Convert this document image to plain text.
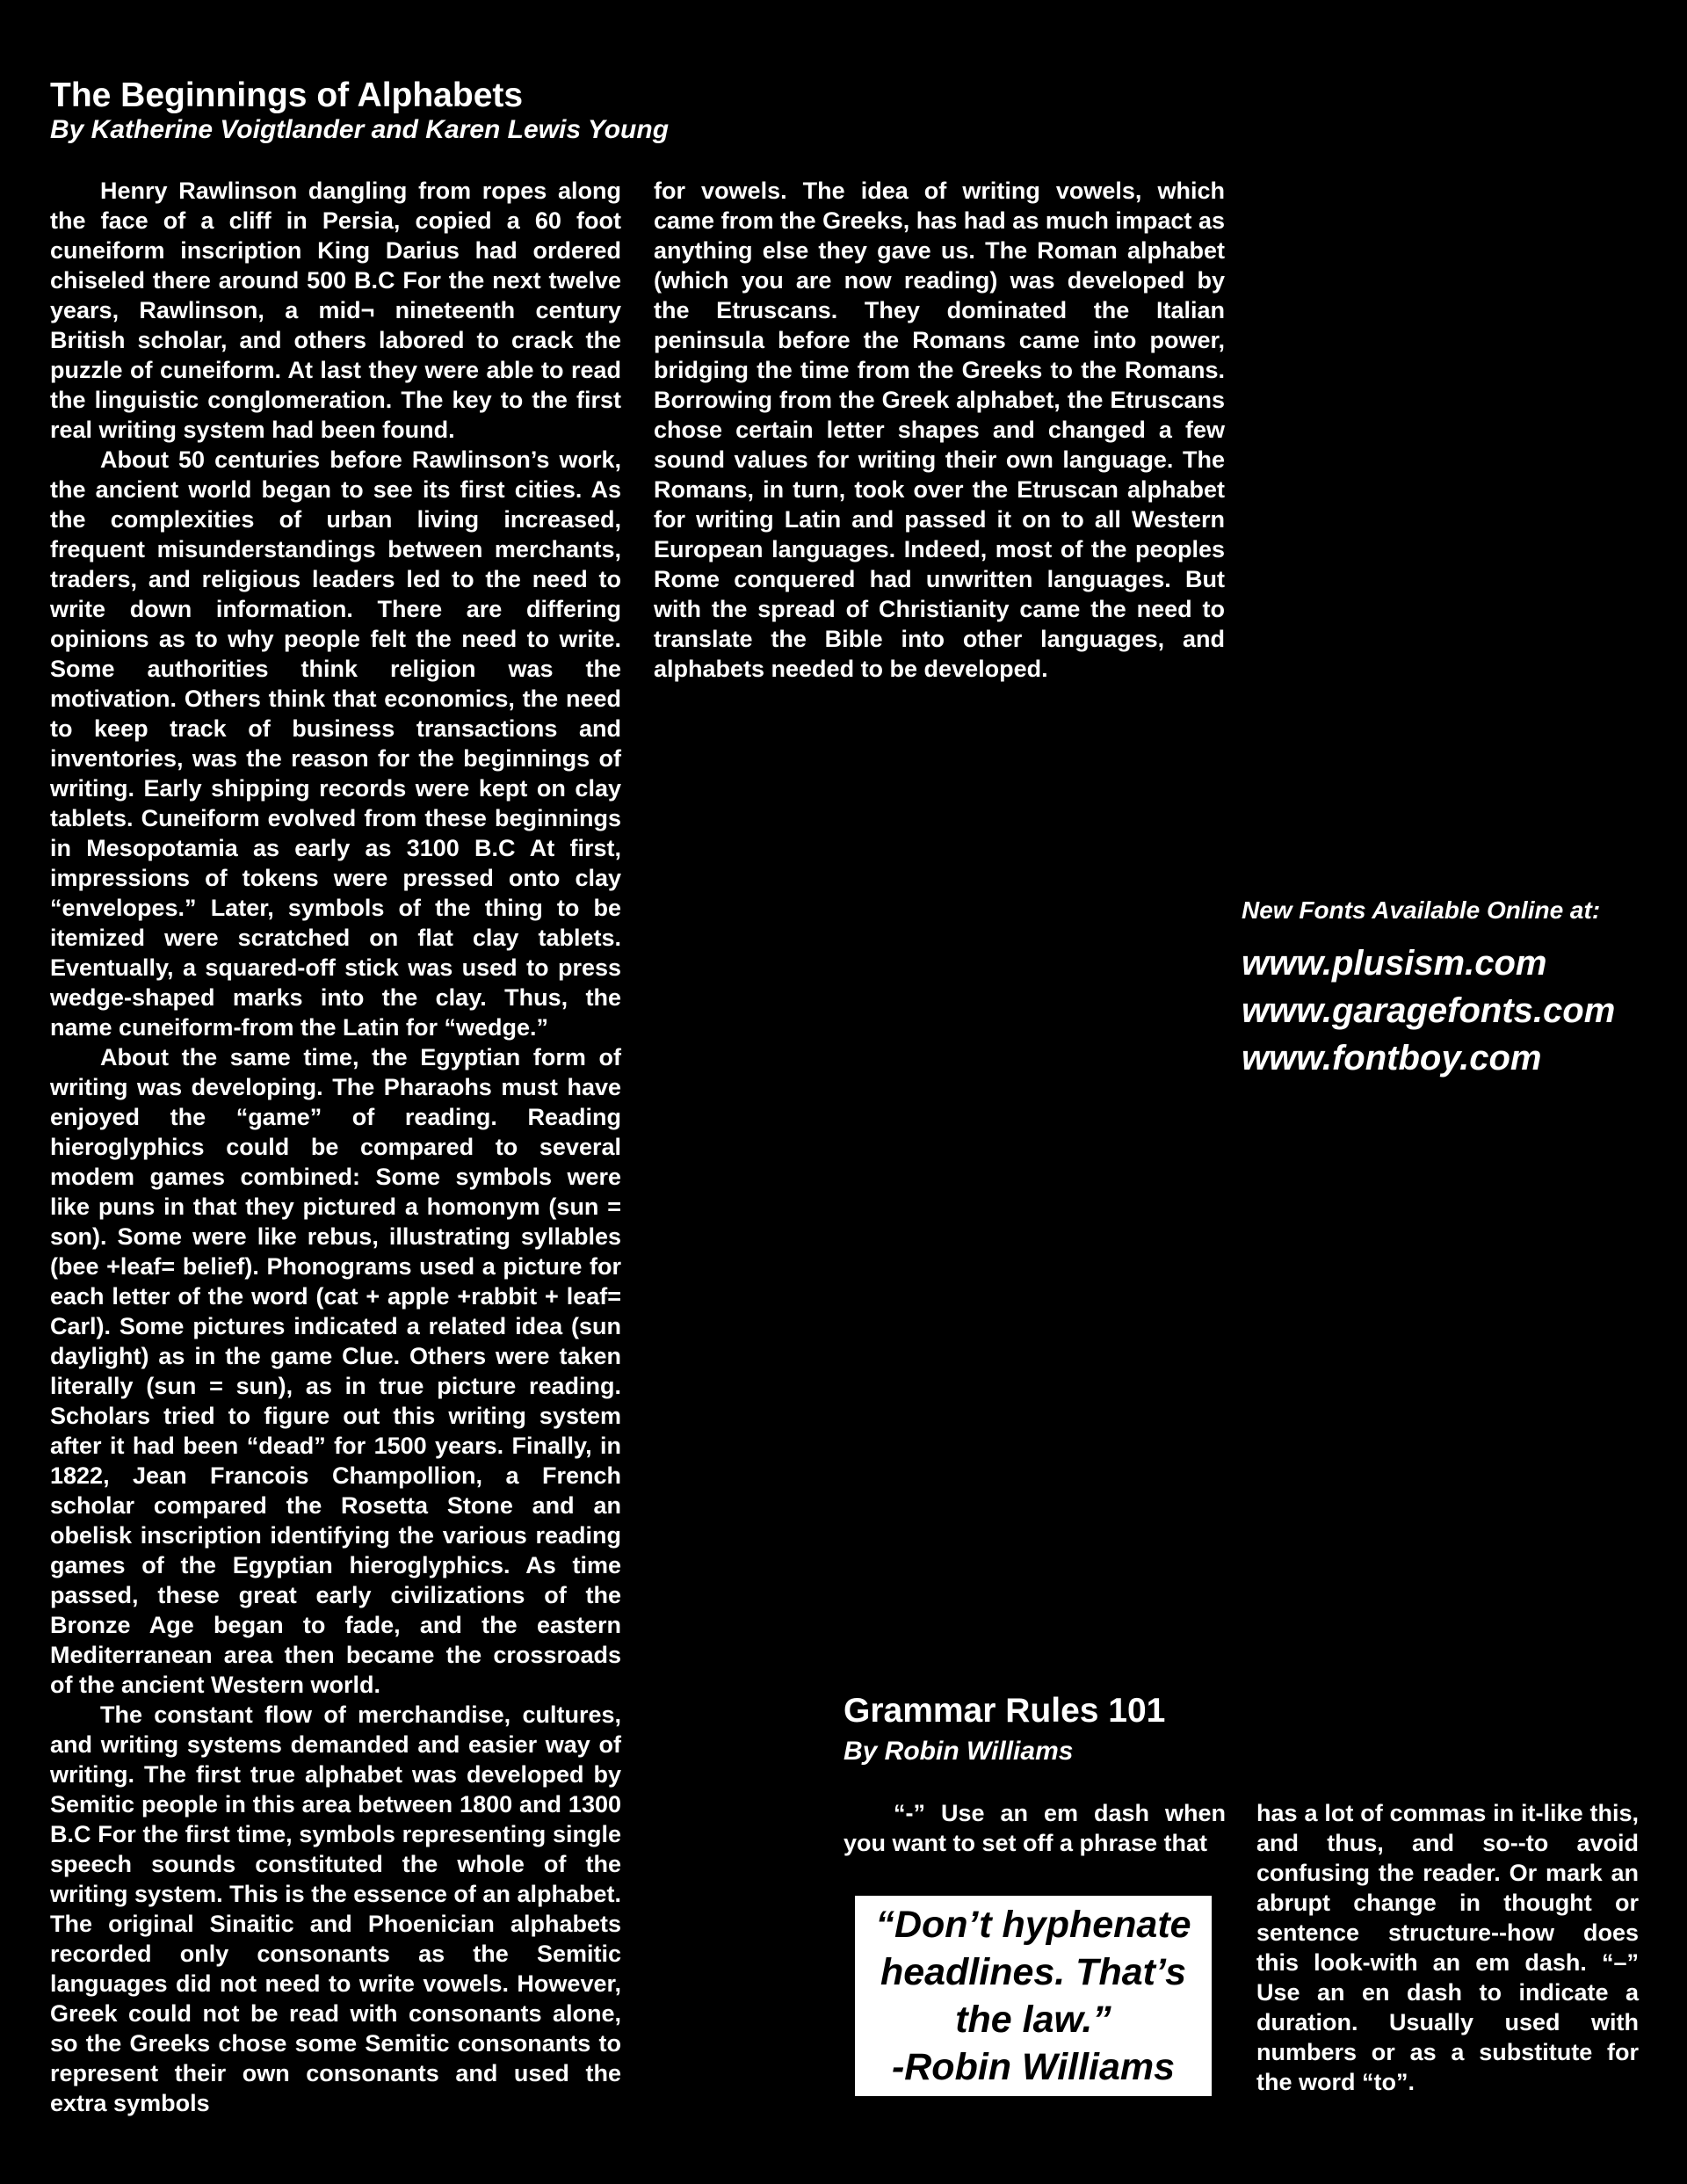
The Beginnings of Alphabets
By Katherine Voigtlander and Karen Lewis Young

Henry Rawlinson dangling from ropes along the face of a cliff in Persia, copied a 60 foot cuneiform inscription King Darius had ordered chiseled there around 500 B.C For the next twelve years, Rawlinson, a mid¬ nineteenth century British scholar, and others labored to crack the puzzle of cuneiform. At last they were able to read the linguistic conglomeration. The key to the first real writing system had been found.

About 50 centuries before Rawlinson’s work, the ancient world began to see its first cities. As the complexities of urban living increased, frequent misunderstandings between merchants, traders, and religious leaders led to the need to write down information. There are differing opinions as to why people felt the need to write. Some authorities think religion was the motivation. Others think that economics, the need to keep track of business transactions and inventories, was the reason for the beginnings of writing. Early shipping records were kept on clay tablets. Cuneiform evolved from these beginnings in Mesopotamia as early as 3100 B.C At first, impressions of tokens were pressed onto clay “envelopes.” Later, symbols of the thing to be itemized were scratched on flat clay tablets. Eventually, a squared-off stick was used to press wedge-shaped marks into the clay. Thus, the name cuneiform-from the Latin for “wedge.”

About the same time, the Egyptian form of writing was developing. The Pharaohs must have enjoyed the “game” of reading. Reading hieroglyphics could be compared to several modem games combined: Some symbols were like puns in that they pictured a homonym (sun = son). Some were like rebus, illustrating syllables (bee +leaf= belief). Phonograms used a picture for each letter of the word (cat + apple +rabbit + leaf= Carl). Some pictures indicated a related idea (sun daylight) as in the game Clue. Others were taken literally (sun = sun), as in true picture reading. Scholars tried to figure out this writing system after it had been “dead” for 1500 years. Finally, in 1822, Jean Francois Champollion, a French scholar compared the Rosetta Stone and an obelisk inscription identifying the various reading games of the Egyptian hieroglyphics. As time passed, these great early civilizations of the Bronze Age began to fade, and the eastern Mediterranean area then became the crossroads of the ancient Western world.

The constant flow of merchandise, cultures, and writing systems demanded and easier way of writing. The first true alphabet was developed by Semitic people in this area between 1800 and 1300 B.C For the first time, symbols representing single speech sounds constituted the whole of the writing system. This is the essence of an alphabet. The original Sinaitic and Phoenician alphabets recorded only consonants as the Semitic languages did not need to write vowels. However, Greek could not be read with consonants alone, so the Greeks chose some Semitic consonants to represent their own consonants and used the extra symbols

for vowels. The idea of writing vowels, which came from the Greeks, has had as much impact as anything else they gave us. The Roman alphabet (which you are now reading) was developed by the Etruscans. They dominated the Italian peninsula before the Romans came into power, bridging the time from the Greeks to the Romans. Borrowing from the Greek alphabet, the Etruscans chose certain letter shapes and changed a few sound values for writing their own language. The Romans, in turn, took over the Etruscan alphabet for writing Latin and passed it on to all Western European languages. Indeed, most of the peoples Rome conquered had unwritten languages. But with the spread of Christianity came the need to translate the Bible into other languages, and alphabets needed to be developed.

New Fonts Available Online at:
www.plusism.com
www.garagefonts.com
www.fontboy.com
Grammar Rules 101
By Robin Williams

“-” Use an em dash when you want to set off a phrase that

“Don’t hyphenate
headlines. That’s
the law.”
-Robin Williams

has a lot of commas in it-like this, and thus, and so--to avoid confusing the reader. Or mark an abrupt change in thought or sentence structure--how does this look-with an em dash. “–” Use an en dash to indicate a duration. Usually used with numbers or as a substitute for the word “to”.
